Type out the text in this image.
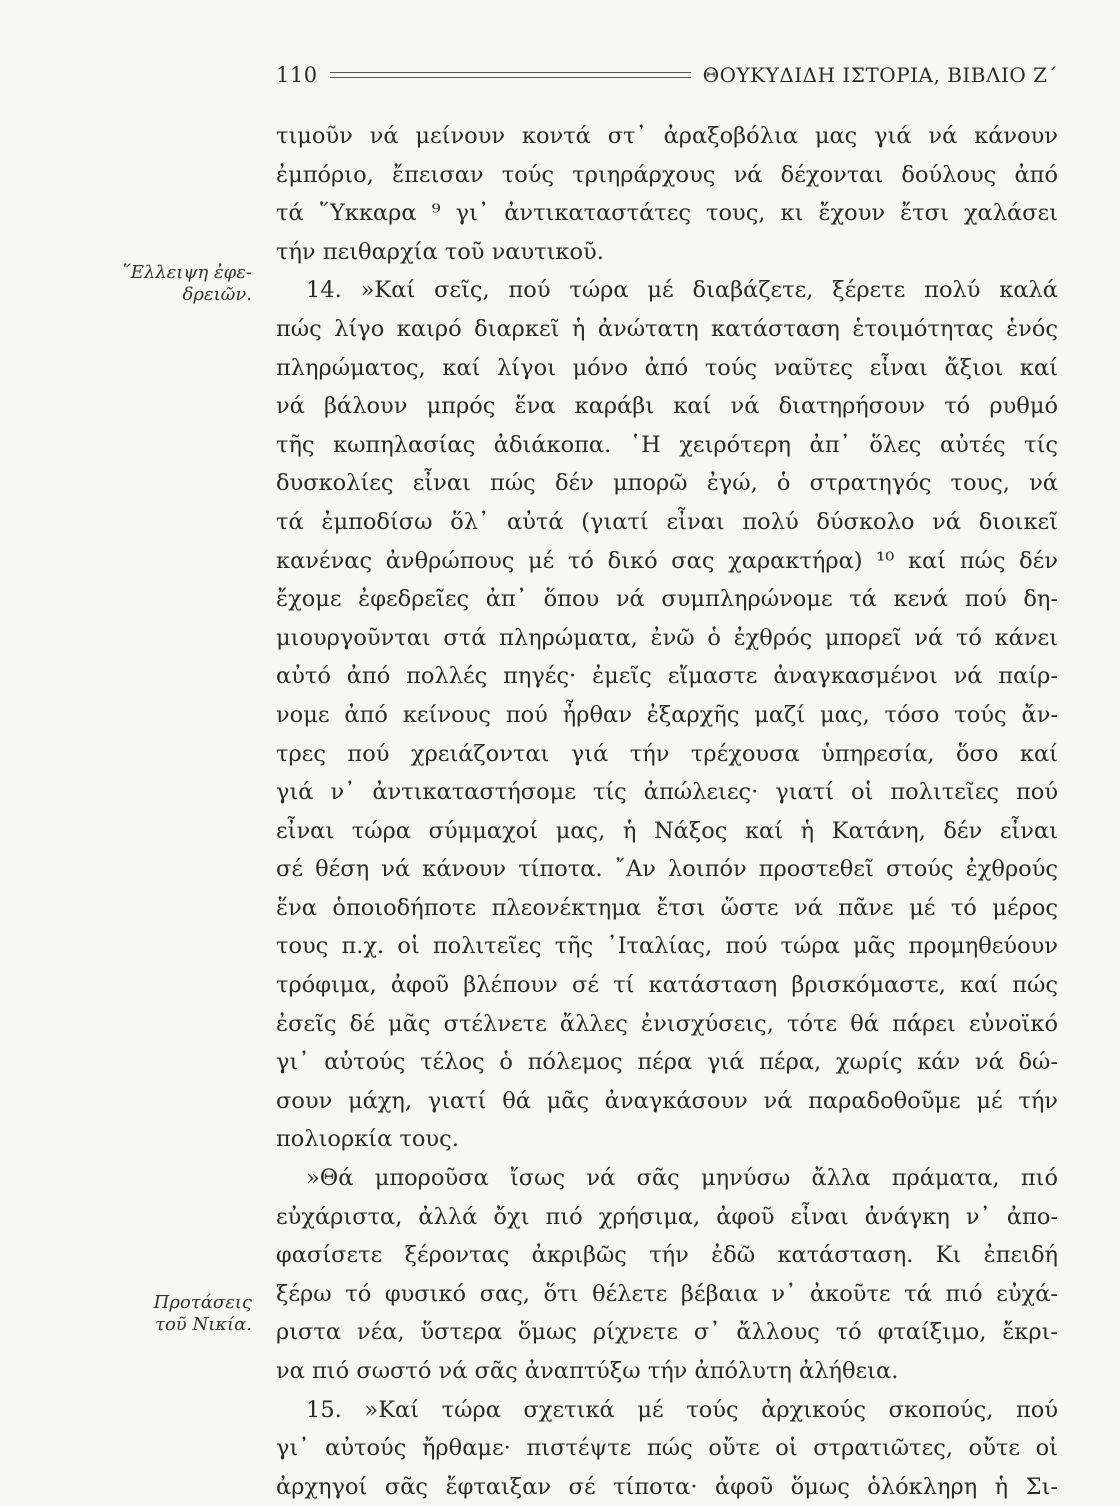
110	ΘΟΥΚΥΔΙΔΗ ΙΣΤΟΡΙΑ, ΒΙΒΛΙΟ Ζ΄
῞Ελλειψη ἐφε-
δρειῶν.
Προτάσεις
τοῦ Νικία.
τιμοῦν νά μείνουν κοντά στ᾽ ἀραξοβόλια μας γιά νά κάνουν
ἐμπόριο, ἔπεισαν τούς τριηράρχους νά δέχονται δούλους ἀπό
τά ῞Υκκαρα ⁹ γι᾽ ἀντικαταστάτες τους, κι ἔχουν ἔτσι χαλάσει
τήν πειθαρχία τοῦ ναυτικοῦ.
14. »Καί σεῖς, πού τώρα μέ διαβάζετε, ξέρετε πολύ καλά
πώς λίγο καιρό διαρκεῖ ἡ ἀνώτατη κατάσταση ἑτοιμότητας ἑνός
πληρώματος, καί λίγοι μόνο ἀπό τούς ναῦτες εἶναι ἄξιοι καί
νά βάλουν μπρός ἕνα καράβι καί νά διατηρήσουν τό ρυθμό
τῆς κωπηλασίας ἀδιάκοπα. ῾Η χειρότερη ἀπ᾽ ὅλες αὐτές τίς
δυσκολίες εἶναι πώς δέν μπορῶ ἐγώ, ὁ στρατηγός τους, νά
τά ἐμποδίσω ὅλ᾽ αὐτά (γιατί εἶναι πολύ δύσκολο νά διοικεῖ
κανένας ἀνθρώπους μέ τό δικό σας χαρακτήρα) ¹⁰ καί πώς δέν
ἔχομε ἐφεδρεῖες ἀπ᾽ ὅπου νά συμπληρώνομε τά κενά πού δη-
μιουργοῦνται στά πληρώματα, ἐνῶ ὁ ἐχθρός μπορεῖ νά τό κάνει
αὐτό ἀπό πολλές πηγές· ἐμεῖς εἴμαστε ἀναγκασμένοι νά παίρ-
νομε ἀπό κείνους πού ἦρθαν ἐξαρχῆς μαζί μας, τόσο τούς ἄν-
τρες πού χρειάζονται γιά τήν τρέχουσα ὑπηρεσία, ὅσο καί
γιά ν᾽ ἀντικαταστήσομε τίς ἀπώλειες· γιατί οἱ πολιτεῖες πού
εἶναι τώρα σύμμαχοί μας, ἡ Νάξος καί ἡ Κατάνη, δέν εἶναι
σέ θέση νά κάνουν τίποτα. ῎Αν λοιπόν προστεθεῖ στούς ἐχθρούς
ἕνα ὁποιοδήποτε πλεονέκτημα ἔτσι ὥστε νά πᾶνε μέ τό μέρος
τους π.χ. οἱ πολιτεῖες τῆς ᾽Ιταλίας, πού τώρα μᾶς προμηθεύουν
τρόφιμα, ἀφοῦ βλέπουν σέ τί κατάσταση βρισκόμαστε, καί πώς
ἐσεῖς δέ μᾶς στέλνετε ἄλλες ἐνισχύσεις, τότε θά πάρει εὐνοϊκό
γι᾽ αὐτούς τέλος ὁ πόλεμος πέρα γιά πέρα, χωρίς κάν νά δώ-
σουν μάχη, γιατί θά μᾶς ἀναγκάσουν νά παραδοθοῦμε μέ τήν
πολιορκία τους.
»Θά μποροῦσα ἴσως νά σᾶς μηνύσω ἄλλα πράματα, πιό
εὐχάριστα, ἀλλά ὄχι πιό χρήσιμα, ἀφοῦ εἶναι ἀνάγκη ν᾽ ἀπο-
φασίσετε ξέροντας ἀκριβῶς τήν ἐδῶ κατάσταση. Κι ἐπειδή
ξέρω τό φυσικό σας, ὅτι θέλετε βέβαια ν᾽ ἀκοῦτε τά πιό εὐχά-
ριστα νέα, ὕστερα ὅμως ρίχνετε σ᾽ ἄλλους τό φταίξιμο, ἔκρι-
να πιό σωστό νά σᾶς ἀναπτύξω τήν ἀπόλυτη ἀλήθεια.
15. »Καί τώρα σχετικά μέ τούς ἀρχικούς σκοπούς, πού
γι᾽ αὐτούς ἤρθαμε· πιστέψτε πώς οὔτε οἱ στρατιῶτες, οὔτε οἱ
ἀρχηγοί σᾶς ἔφταιξαν σέ τίποτα· ἀφοῦ ὅμως ὁλόκληρη ἡ Σι-
